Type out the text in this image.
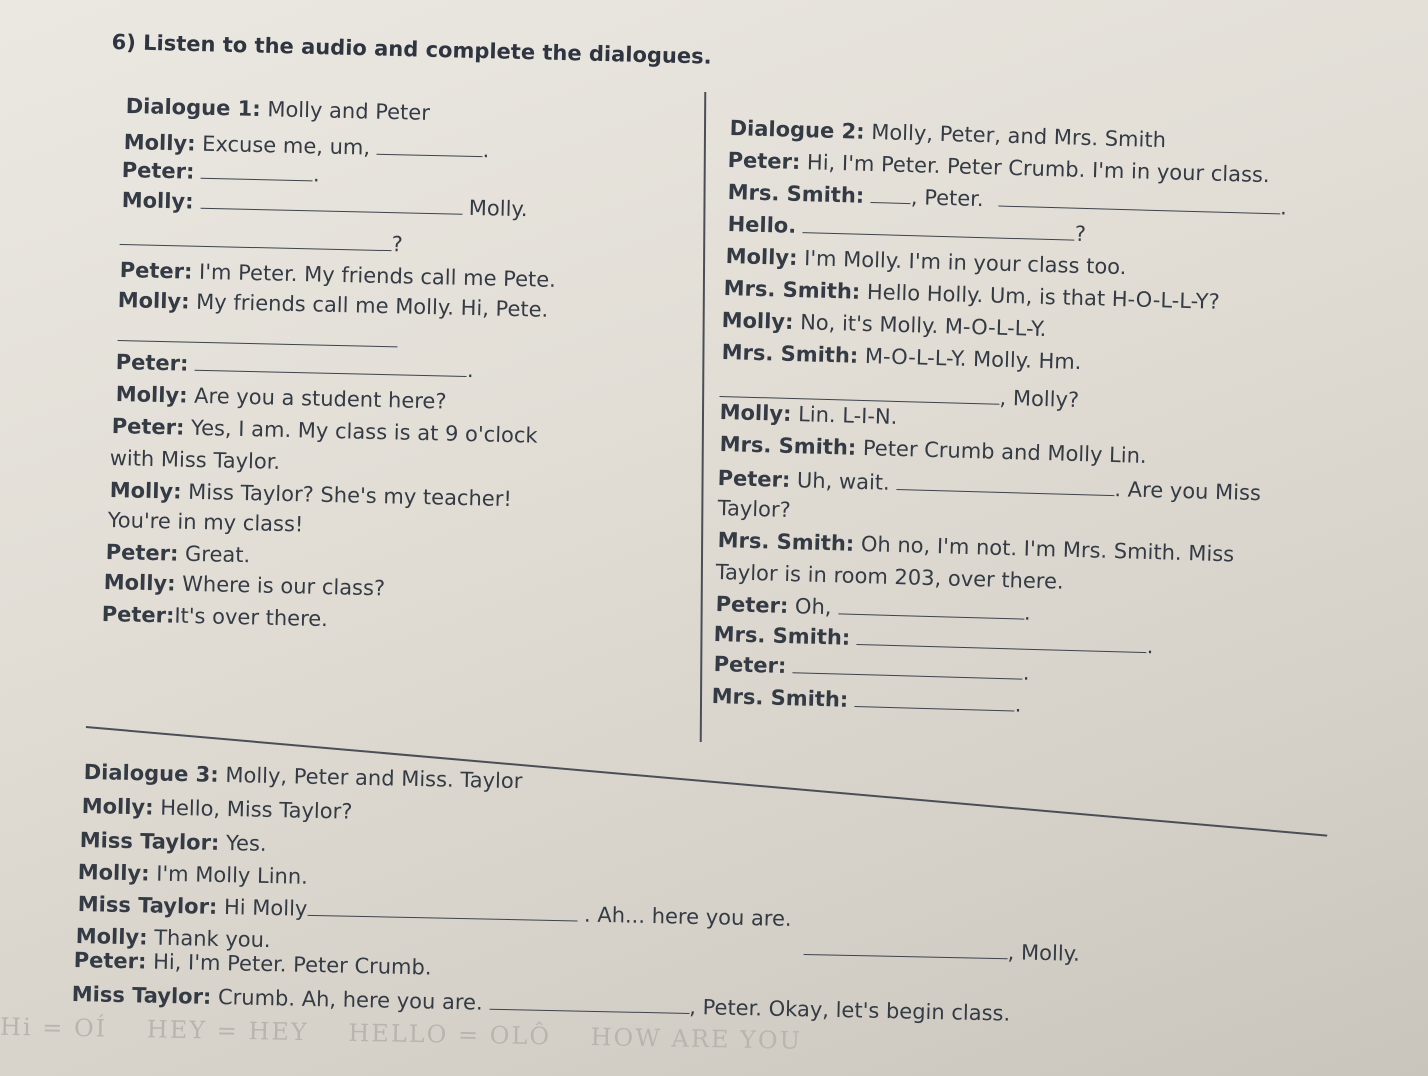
6) Listen to the audio and complete the dialogues.
Dialogue 1: Molly and Peter
Molly: Excuse me, um,	.
Peter:	.
Molly:	Molly.
?
Peter: I'm Peter. My friends call me Pete.
Molly: My friends call me Molly. Hi, Pete.
Peter:	.
Molly: Are you a student here?
Peter: Yes, I am. My class is at 9 o'clock
with Miss Taylor.
Molly: Miss Taylor? She's my teacher!
You're in my class!
Peter: Great.
Molly: Where is our class?
Peter:It's over there.
Dialogue 2: Molly, Peter, and Mrs. Smith
Peter: Hi, I'm Peter. Peter Crumb. I'm in your class.
Mrs. Smith: , Peter.	.
Hello.	?
Molly: I'm Molly. I'm in your class too.
Mrs. Smith: Hello Holly. Um, is that H-O-L-L-Y?
Molly: No, it's Molly. M-O-L-L-Y.
Mrs. Smith: M-O-L-L-Y. Molly. Hm.
, Molly?
Molly: Lin. L-I-N.
Mrs. Smith: Peter Crumb and Molly Lin.
Peter: Uh, wait.	. Are you Miss
Taylor?
Mrs. Smith: Oh no, I'm not. I'm Mrs. Smith. Miss
Taylor is in room 203, over there.
Peter: Oh,	.
Mrs. Smith:	.
Peter:	.
Mrs. Smith:	.
Dialogue 3: Molly, Peter and Miss. Taylor
Molly: Hello, Miss Taylor?
Miss Taylor: Yes.
Molly: I'm Molly Linn.
Miss Taylor: Hi Molly	. Ah... here you are.
Molly: Thank you.
Peter: Hi, I'm Peter. Peter Crumb.	, Molly.
Miss Taylor: Crumb. Ah, here you are.	, Peter. Okay, let's begin class.
Hi = OÍ HEY = HEY HELLO = OLÔ HOW ARE YOU
